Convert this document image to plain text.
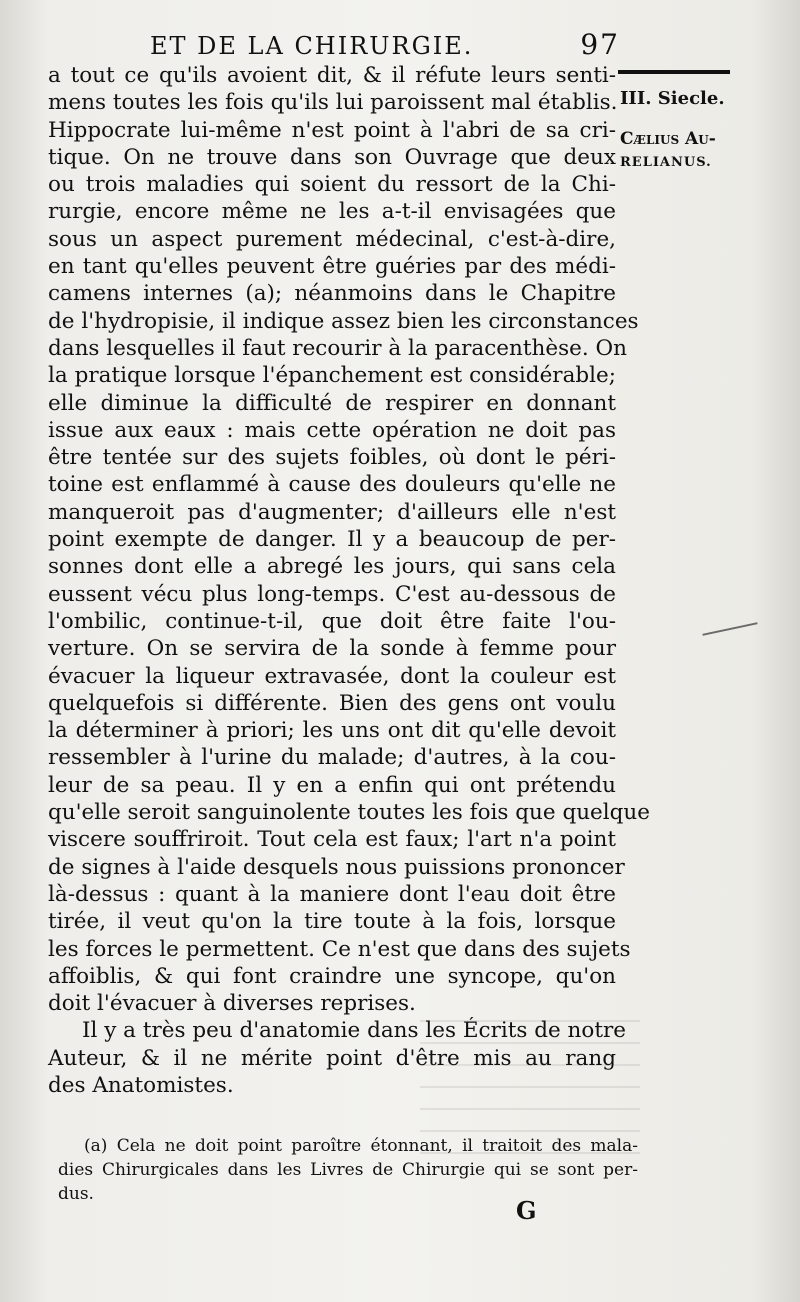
ET DE LA CHIRURGIE.	97
III. Siecle.
Cælius Au-
RELIANUS.
a tout ce qu'ils avoient dit, & il réfute leurs senti-
mens toutes les fois qu'ils lui paroissent mal établis.
Hippocrate lui-même n'est point à l'abri de sa cri-
tique. On ne trouve dans son Ouvrage que deux
ou trois maladies qui soient du ressort de la Chi-
rurgie, encore même ne les a-t-il envisagées que
sous un aspect purement médecinal, c'est-à-dire,
en tant qu'elles peuvent être guéries par des médi-
camens internes (a); néanmoins dans le Chapitre
de l'hydropisie, il indique assez bien les circonstances
dans lesquelles il faut recourir à la paracenthèse. On
la pratique lorsque l'épanchement est considérable;
elle diminue la difficulté de respirer en donnant
issue aux eaux : mais cette opération ne doit pas
être tentée sur des sujets foibles, où dont le péri-
toine est enflammé à cause des douleurs qu'elle ne
manqueroit pas d'augmenter; d'ailleurs elle n'est
point exempte de danger. Il y a beaucoup de per-
sonnes dont elle a abregé les jours, qui sans cela
eussent vécu plus long-temps. C'est au-dessous de
l'ombilic, continue-t-il, que doit être faite l'ou-
verture. On se servira de la sonde à femme pour
évacuer la liqueur extravasée, dont la couleur est
quelquefois si différente. Bien des gens ont voulu
la déterminer à priori; les uns ont dit qu'elle devoit
ressembler à l'urine du malade; d'autres, à la cou-
leur de sa peau. Il y en a enfin qui ont prétendu
qu'elle seroit sanguinolente toutes les fois que quelque
viscere souffriroit. Tout cela est faux; l'art n'a point
de signes à l'aide desquels nous puissions prononcer
là-dessus : quant à la maniere dont l'eau doit être
tirée, il veut qu'on la tire toute à la fois, lorsque
les forces le permettent. Ce n'est que dans des sujets
affoiblis, & qui font craindre une syncope, qu'on
doit l'évacuer à diverses reprises.
Il y a très peu d'anatomie dans les Écrits de notre
Auteur, & il ne mérite point d'être mis au rang
des Anatomistes.
(a) Cela ne doit point paroître étonnant, il traitoit des mala-
dies Chirurgicales dans les Livres de Chirurgie qui se sont per-
dus.
G
